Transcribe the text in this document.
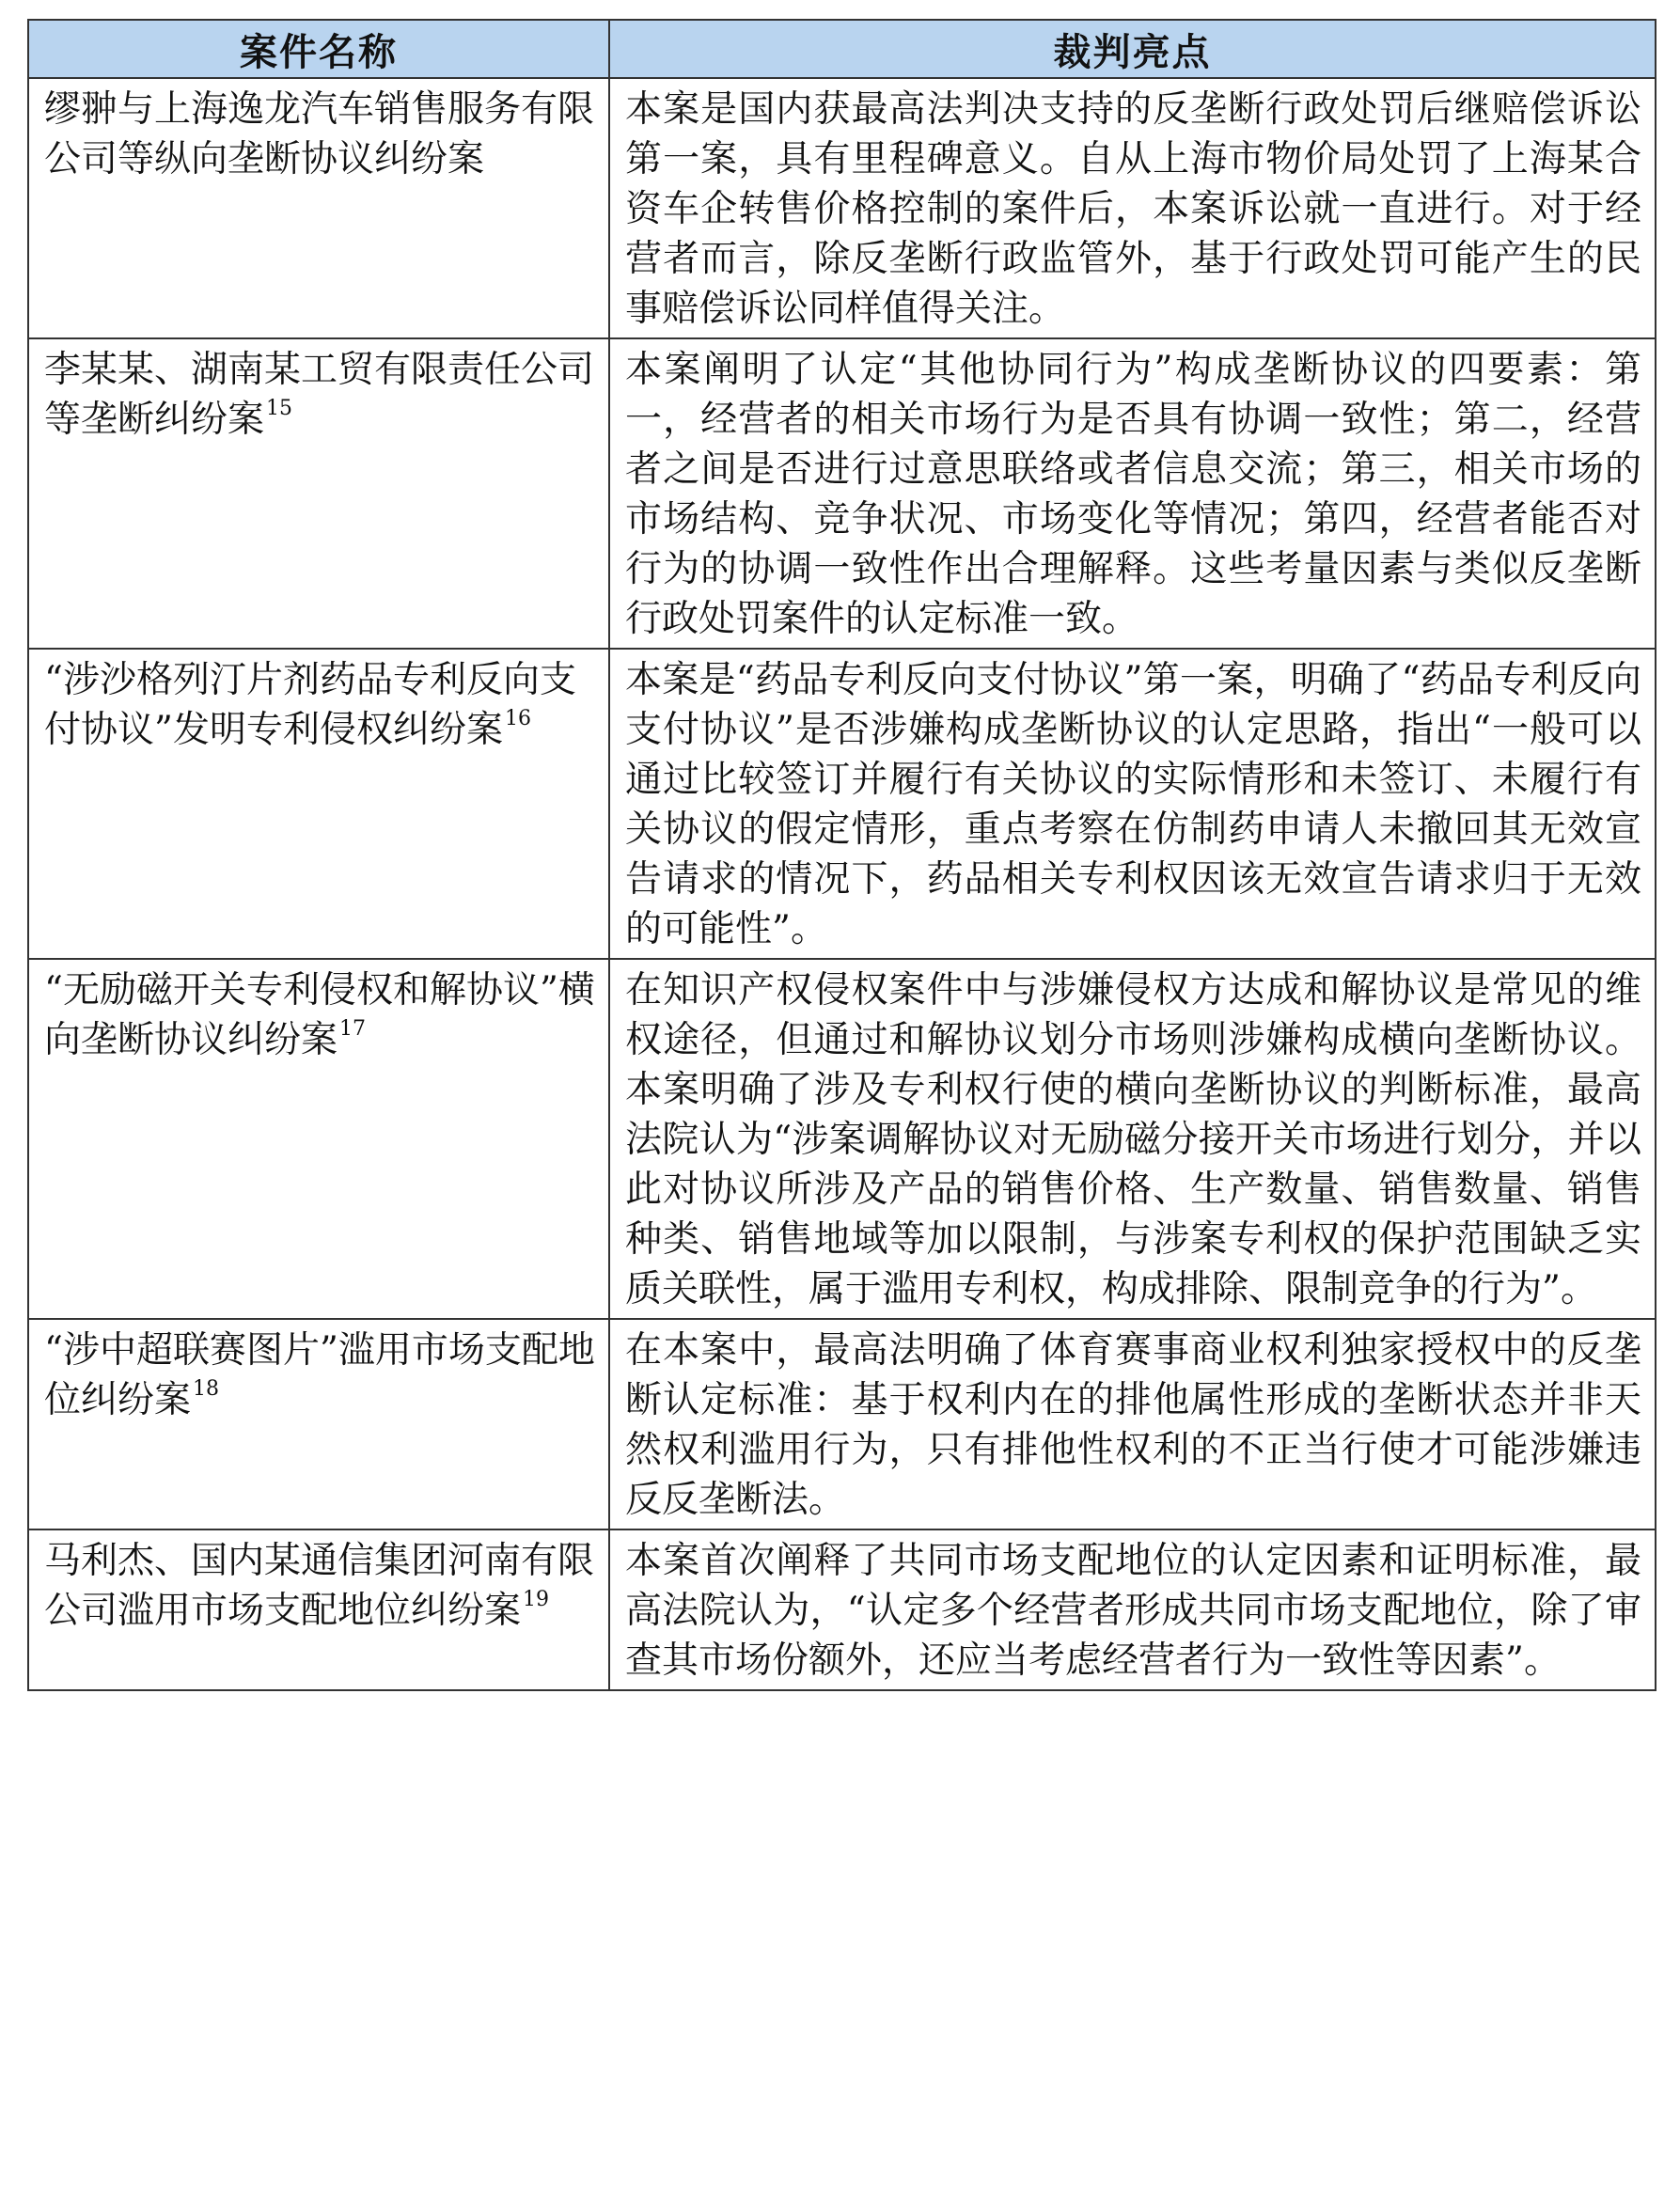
案件名称	裁判亮点
缪翀与上海逸龙汽车销售服务有限公司等纵向垄断协议纠纷案	本案是国内获最高法判决支持的反垄断行政处罚后继赔偿诉讼第一案，具有里程碑意义。自从上海市物价局处罚了上海某合资车企转售价格控制的案件后，本案诉讼就一直进行。对于经营者而言，除反垄断行政监管外，基于行政处罚可能产生的民事赔偿诉讼同样值得关注。
李某某、湖南某工贸有限责任公司等垄断纠纷案$^{15}$	本案阐明了认定“其他协同行为”构成垄断协议的四要素：第一，经营者的相关市场行为是否具有协调一致性；第二，经营者之间是否进行过意思联络或者信息交流；第三，相关市场的市场结构、竞争状况、市场变化等情况；第四，经营者能否对行为的协调一致性作出合理解释。这些考量因素与类似反垄断行政处罚案件的认定标准一致。
“涉沙格列汀片剂药品专利反向支付协议”发明专利侵权纠纷案$^{16}$	本案是“药品专利反向支付协议”第一案，明确了“药品专利反向支付协议”是否涉嫌构成垄断协议的认定思路，指出“一般可以通过比较签订并履行有关协议的实际情形和未签订、未履行有关协议的假定情形，重点考察在仿制药申请人未撤回其无效宣告请求的情况下，药品相关专利权因该无效宣告请求归于无效的可能性”。
“无励磁开关专利侵权和解协议”横向垄断协议纠纷案$^{17}$	在知识产权侵权案件中与涉嫌侵权方达成和解协议是常见的维权途径，但通过和解协议划分市场则涉嫌构成横向垄断协议。本案明确了涉及专利权行使的横向垄断协议的判断标准，最高法院认为“涉案调解协议对无励磁分接开关市场进行划分，并以此对协议所涉及产品的销售价格、生产数量、销售数量、销售种类、销售地域等加以限制，与涉案专利权的保护范围缺乏实质关联性，属于滥用专利权，构成排除、限制竞争的行为”。
“涉中超联赛图片”滥用市场支配地位纠纷案$^{18}$	在本案中，最高法明确了体育赛事商业权利独家授权中的反垄断认定标准：基于权利内在的排他属性形成的垄断状态并非天然权利滥用行为，只有排他性权利的不正当行使才可能涉嫌违反反垄断法。
马利杰、国内某通信集团河南有限公司滥用市场支配地位纠纷案$^{19}$	本案首次阐释了共同市场支配地位的认定因素和证明标准，最高法院认为，“认定多个经营者形成共同市场支配地位，除了审查其市场份额外，还应当考虑经营者行为一致性等因素”。
